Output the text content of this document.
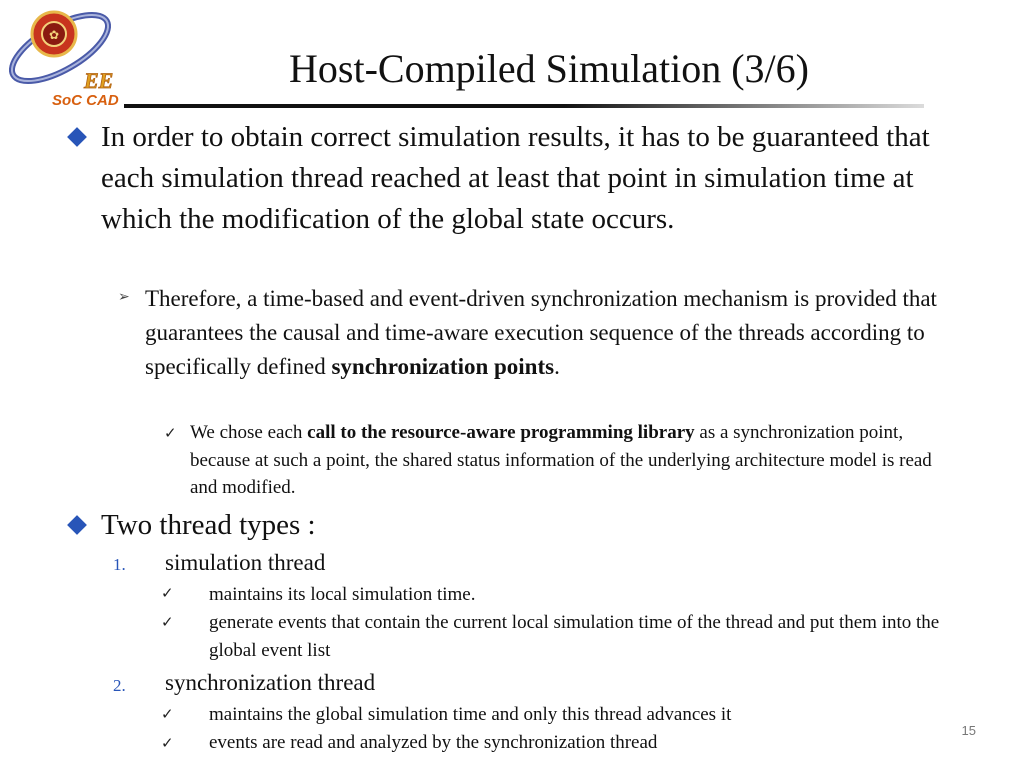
✿
EE
SoC CAD
Host-Compiled Simulation (3/6)
In order to obtain correct simulation results, it has to be guaranteed that each simulation thread reached at least that point in simulation time at which the modification of the global state occurs.
➢ Therefore, a time-based and event-driven synchronization mechanism is provided that guarantees the causal and time-aware execution sequence of the threads according to specifically defined synchronization points.
✓ We chose each call to the resource-aware programming library as a synchronization point, because at such a point, the shared status information of the underlying architecture model is read and modified.
Two thread types :
1. simulation thread
✓ maintains its local simulation time.
✓ generate events that contain the current local simulation time of the thread and put them into the global event list
2. synchronization thread
✓ maintains the global simulation time and only this thread advances it
✓ events are read and analyzed by the synchronization thread
15
